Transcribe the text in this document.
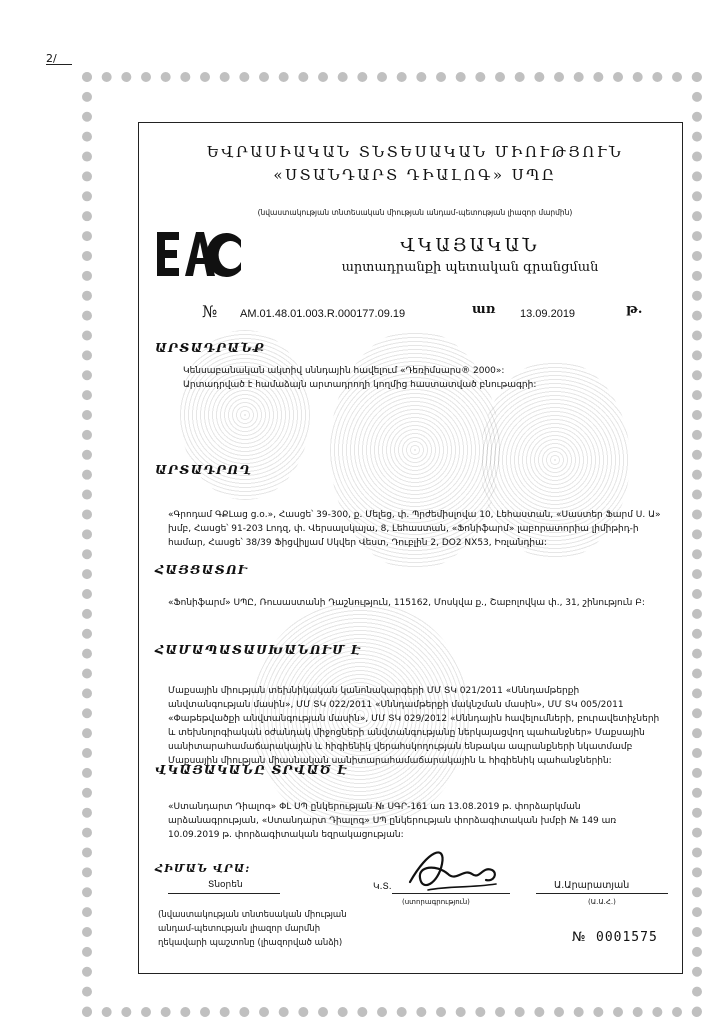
2/
ԵՎՐԱՍԻԱԿԱՆ ՏՆՏԵՍԱԿԱՆ ՄԻՈՒԹՅՈՒՆ
«ՍՏԱՆԴԱՐՏ ԴԻԱԼՈԳ» ՍՊԸ
(նվաստակության տնտեսական միության անդամ-պետության լիազոր մարմին)
ՎԿԱՅԱԿԱՆ
արտադրանքի պետական գրանցման
№ AM.01.48.01.003.R.000177.09.19	առ 13.09.2019	թ.
ԱՐՏԱԴՐԱՆՔ
Կենսաբանական ակտիվ սննդային հավելում «Դեռիմսարս® 2000»: Արտադրված է համաձայն արտադրողի կողմից հաստատված բնութագրի:
ԱՐՏԱԴՐՈՂ
«Գրոդամ ԳՔԼաց ց.օ.», Հասցե՝ 39-300, ք. Մելեց, փ. Պրժեմիսլովա 10, Լեհաստան, «Սաստեր Ֆարմ Ս. Ա» խմբ, Հասցե՝ 91-203 Լոդզ, փ. Վերսալսկայա, 8, Լեհաստան, «Ֆոնիֆարմ» լաբորատորիա լիմիթիդ-ի համար, Հասցե՝ 38/39 Ֆիցվիլյամ Սկվեր Վեստ, Դուբլին 2, DO2 NX53, Իռլանդիա:
ՀԱՅՑԱՏՈՒ
«Ֆոնիֆարմ» ՍՊԸ, Ռուսաստանի Դաշնություն, 115162, Մոսկվա ք., Շաբոլովկա փ., 31, շինություն Բ:
ՀԱՄԱՊԱՏԱՍԽԱՆՈՒՄ Է
Մաքսային միության տեխնիկական կանոնակարգերի ՄՄ ՏԿ 021/2011 «Սննդամթերքի անվտանգության մասին», ՄՄ ՏԿ 022/2011 «Սննդամթերքի մակնշման մասին», ՄՄ ՏԿ 005/2011 «Փաթեթվածքի անվտանգության մասին», ՄՄ ՏԿ 029/2012 «Սննդային հավելումների, բուրավետիչների և տեխնոլոգիական օժանդակ միջոցների անվտանգությանը ներկայացվող պահանջներ» Մաքսային սանիտարահամաճարակային և հիգիենիկ վերահսկողության ենթակա ապրանքների նկատմամբ Մաքսային միության միասնական սանիտարահամաճարակային և հիգիենիկ պահանջներին:
ՎԿԱՅԱԿԱՆԸ ՏՐՎԱԾ Է
«Ստանդարտ Դիալոգ» ՓԼ ՍՊ ընկերության № ՍԳՐ-161 առ 13.08.2019 թ. փորձարկման արձանագրության, «Ստանդարտ Դիալոգ» ՍՊ ընկերության փորձագիտական խմբի № 149 առ 10.09.2019 թ. փորձագիտական եզրակացության:
ՀԻՄԱՆ ՎՐԱ:
Տնօրեն	Կ.Տ.
(ստորագրություն)
Ա.Արարատյան
(Ա.Ա.Հ.)
(նվաստակության տնտեսական միության անդամ-պետության լիազոր մարմնի ղեկավարի պաշտոնը (լիազորված անձի)	№ 0001575
